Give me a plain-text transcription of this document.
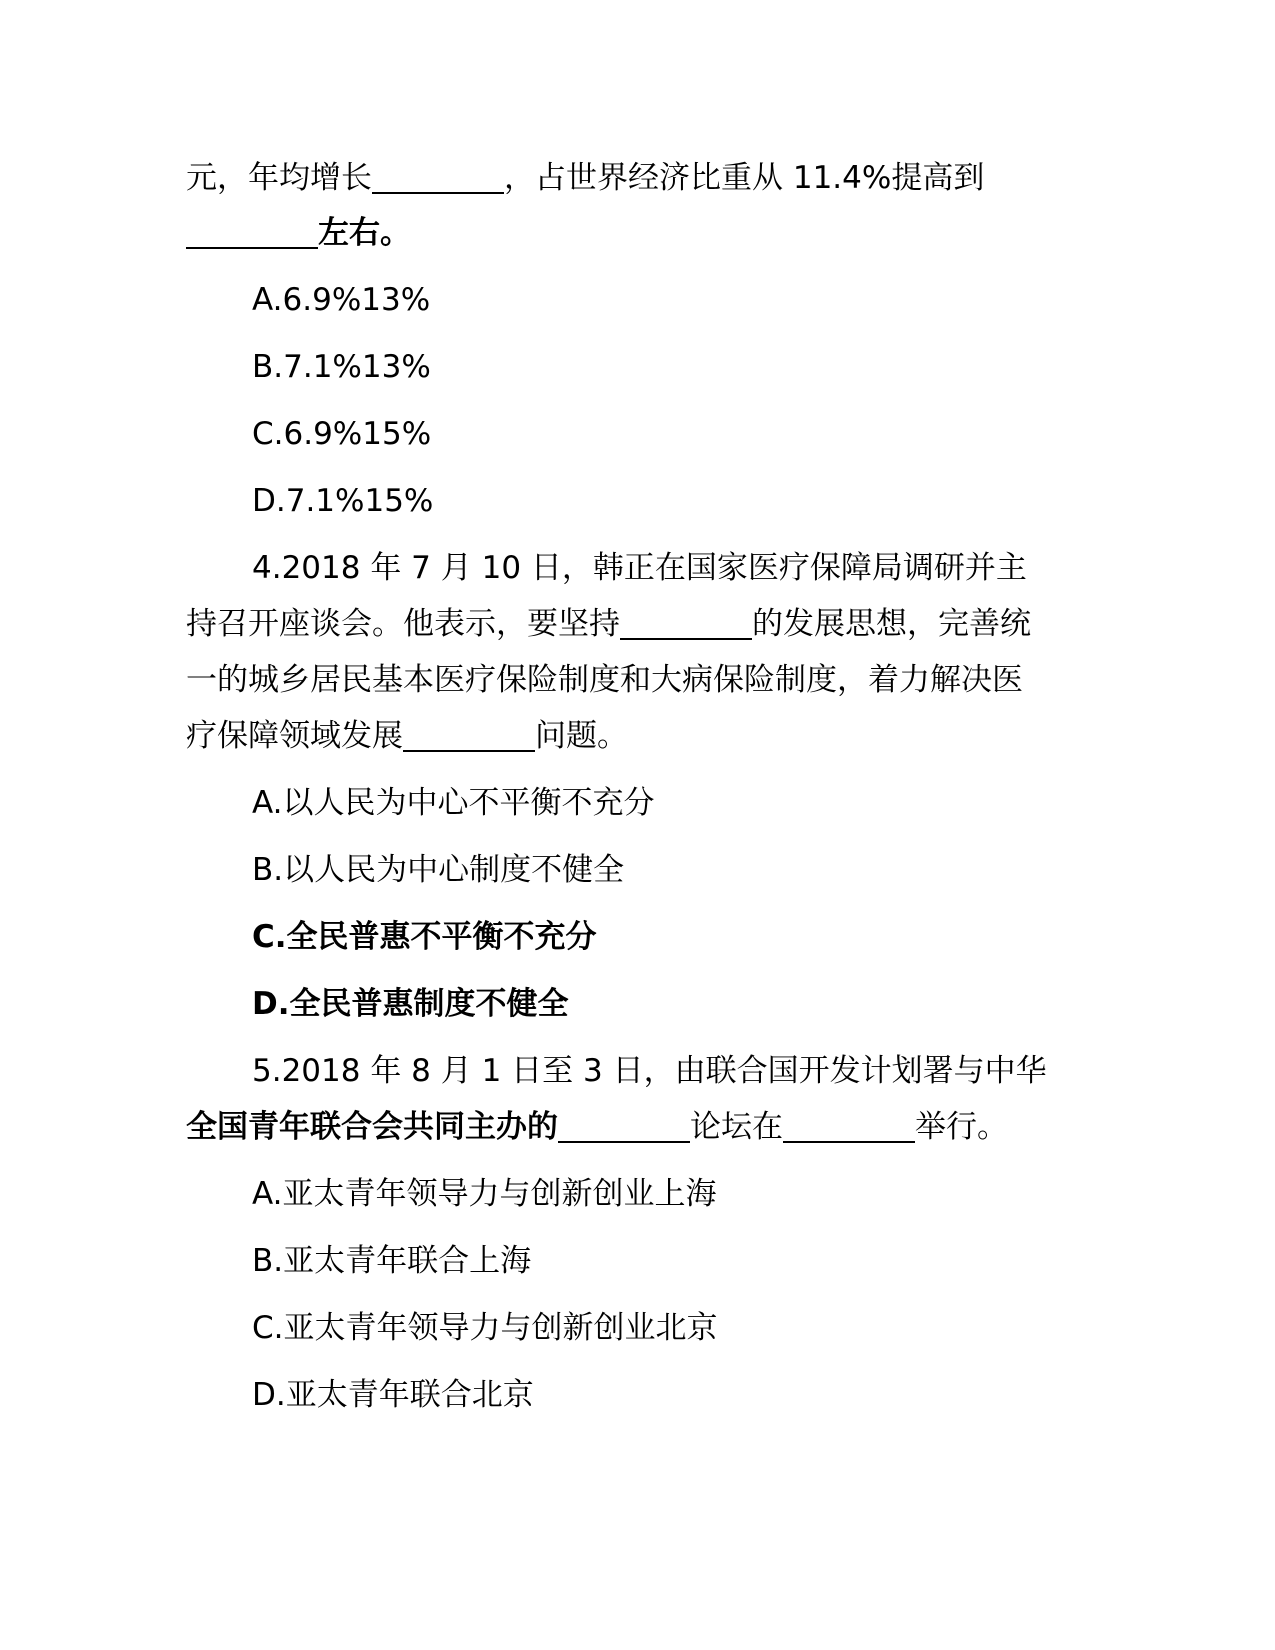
元，年均增长	，占世界经济比重从 11.4%提高到
左右。
A.6.9%13%
B.7.1%13%
C.6.9%15%
D.7.1%15%
4.2018 年 7 月 10 日，韩正在国家医疗保障局调研并主
持召开座谈会。他表示，要坚持	的发展思想，完善统
一的城乡居民基本医疗保险制度和大病保险制度，着力解决医
疗保障领域发展	问题。
A.以人民为中心不平衡不充分
B.以人民为中心制度不健全
C.全民普惠不平衡不充分
D.全民普惠制度不健全
5.2018 年 8 月 1 日至 3 日，由联合国开发计划署与中华
全国青年联合会共同主办的	论坛在	举行。
A.亚太青年领导力与创新创业上海
B.亚太青年联合上海
C.亚太青年领导力与创新创业北京
D.亚太青年联合北京
